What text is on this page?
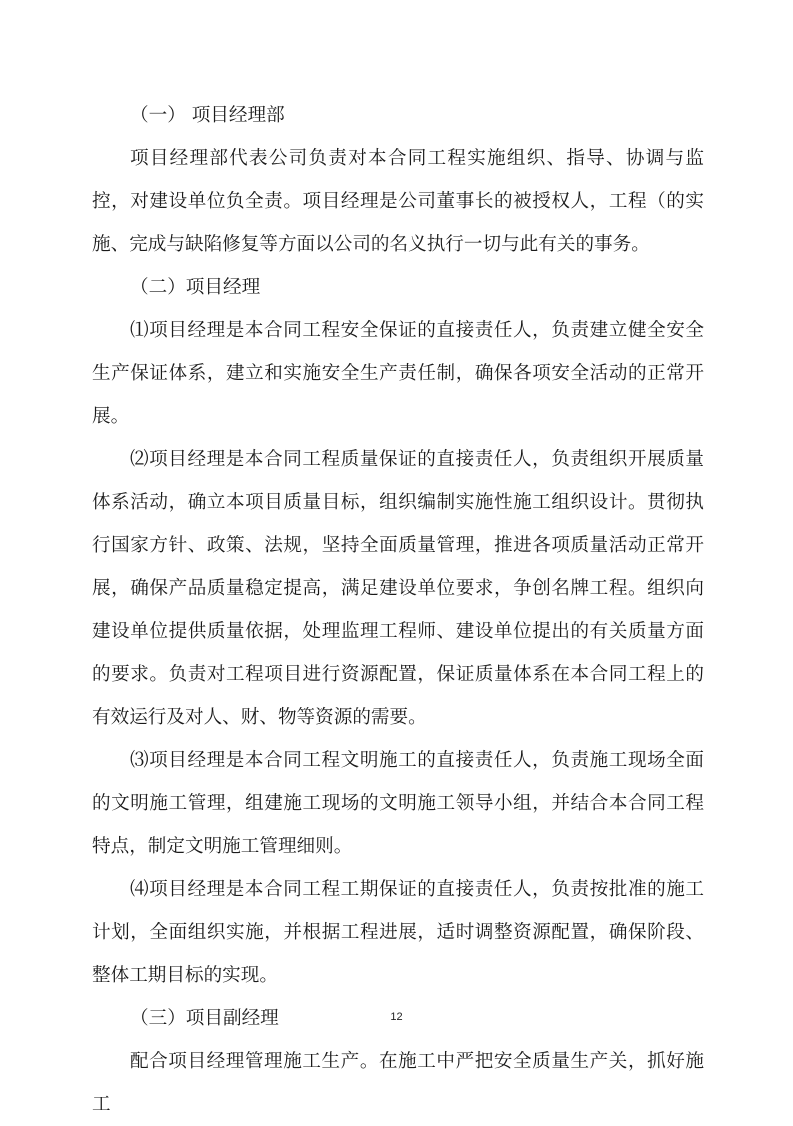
（一） 项目经理部

项目经理部代表公司负责对本合同工程实施组织、指导、协调与监控，对建设单位负全责。项目经理是公司董事长的被授权人，工程（的实施、完成与缺陷修复等方面以公司的名义执行一切与此有关的事务。

（二）项目经理

⑴项目经理是本合同工程安全保证的直接责任人，负责建立健全安全生产保证体系，建立和实施安全生产责任制，确保各项安全活动的正常开展。

⑵项目经理是本合同工程质量保证的直接责任人，负责组织开展质量体系活动，确立本项目质量目标，组织编制实施性施工组织设计。贯彻执行国家方针、政策、法规，坚持全面质量管理，推进各项质量活动正常开展，确保产品质量稳定提高，满足建设单位要求，争创名牌工程。组织向建设单位提供质量依据，处理监理工程师、建设单位提出的有关质量方面的要求。负责对工程项目进行资源配置，保证质量体系在本合同工程上的有效运行及对人、财、物等资源的需要。

⑶项目经理是本合同工程文明施工的直接责任人，负责施工现场全面的文明施工管理，组建施工现场的文明施工领导小组，并结合本合同工程特点，制定文明施工管理细则。

⑷项目经理是本合同工程工期保证的直接责任人，负责按批准的施工计划，全面组织实施，并根据工程进展，适时调整资源配置，确保阶段、整体工期目标的实现。

（三）项目副经理

配合项目经理管理施工生产。在施工中严把安全质量生产关，抓好施工

12
